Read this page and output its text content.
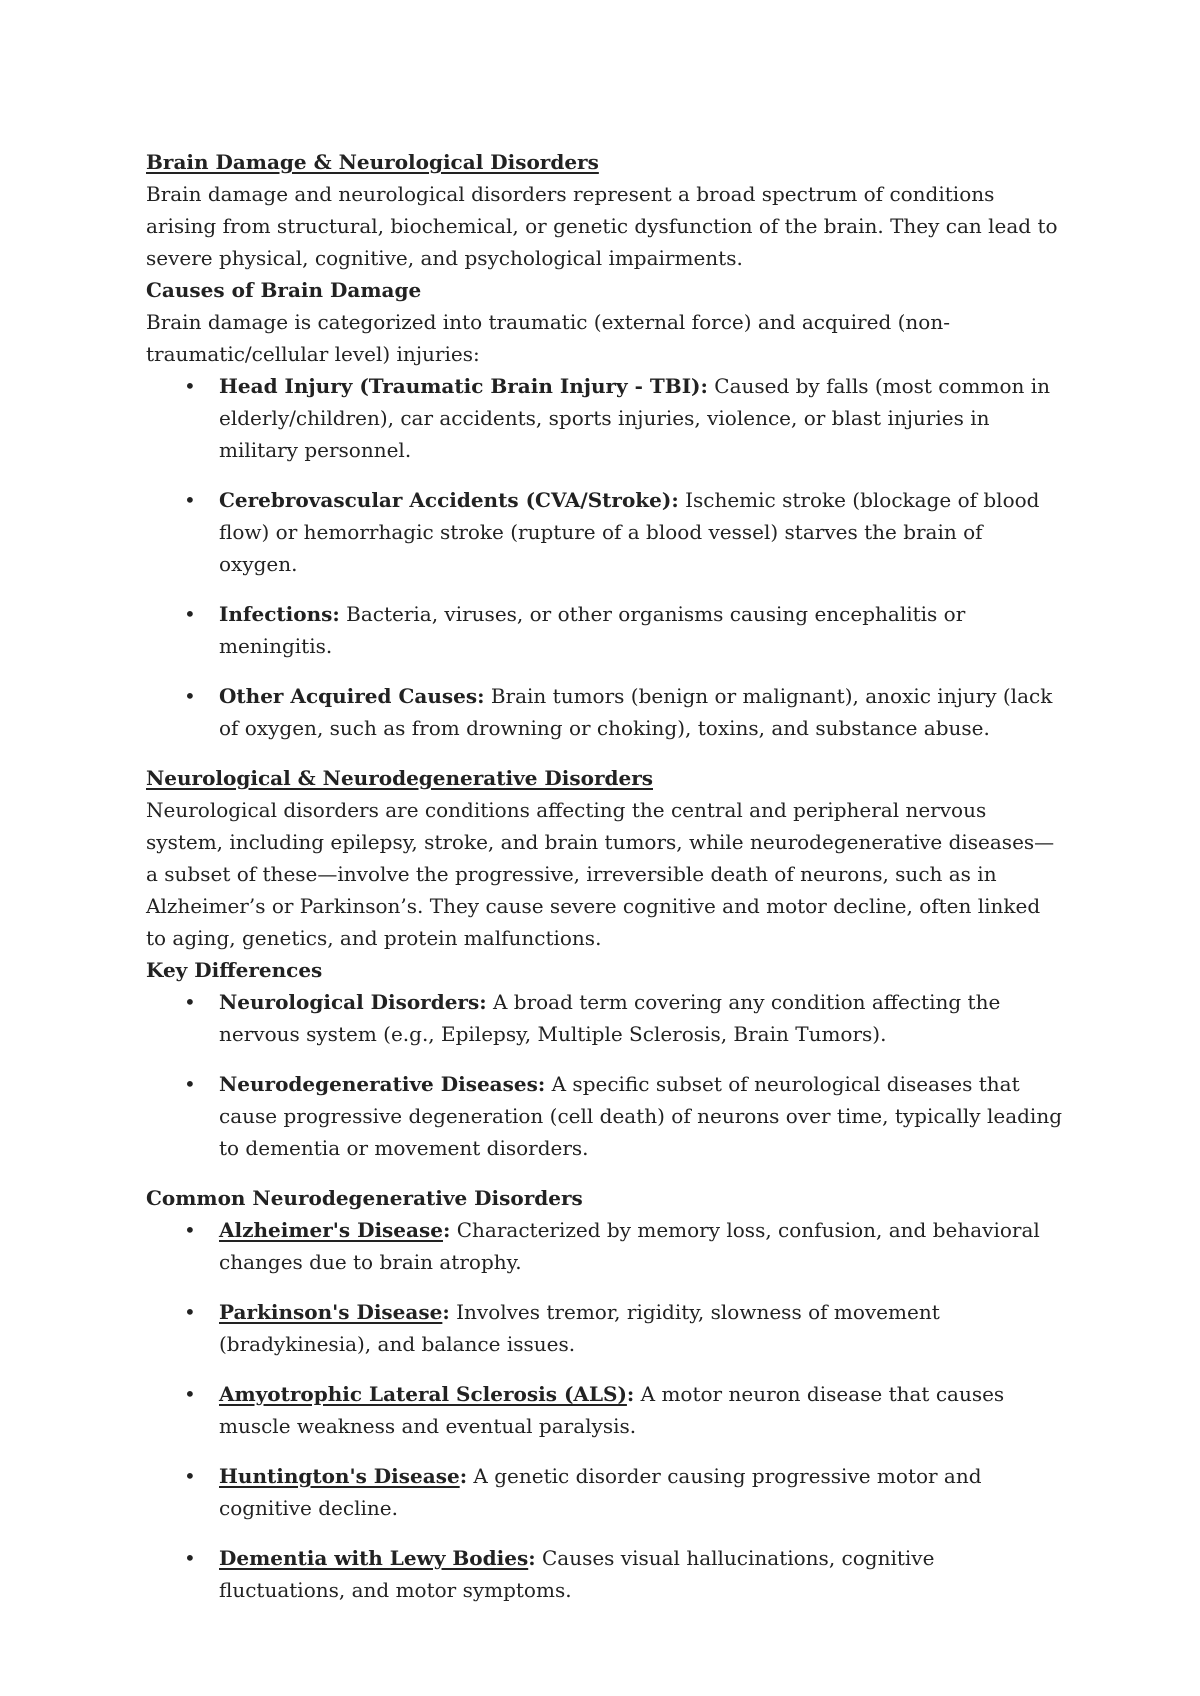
Brain Damage & Neurological Disorders

Brain damage and neurological disorders represent a broad spectrum of conditions arising from structural, biochemical, or genetic dysfunction of the brain. They can lead to severe physical, cognitive, and psychological impairments.

Causes of Brain Damage

Brain damage is categorized into traumatic (external force) and acquired (non-traumatic/cellular level) injuries:

• Head Injury (Traumatic Brain Injury - TBI): Caused by falls (most common in elderly/children), car accidents, sports injuries, violence, or blast injuries in military personnel.
• Cerebrovascular Accidents (CVA/Stroke): Ischemic stroke (blockage of blood flow) or hemorrhagic stroke (rupture of a blood vessel) starves the brain of oxygen.
• Infections: Bacteria, viruses, or other organisms causing encephalitis or meningitis.
• Other Acquired Causes: Brain tumors (benign or malignant), anoxic injury (lack of oxygen, such as from drowning or choking), toxins, and substance abuse.

Neurological & Neurodegenerative Disorders

Neurological disorders are conditions affecting the central and peripheral nervous system, including epilepsy, stroke, and brain tumors, while neurodegenerative diseases—a subset of these—involve the progressive, irreversible death of neurons, such as in Alzheimer’s or Parkinson’s. They cause severe cognitive and motor decline, often linked to aging, genetics, and protein malfunctions.

Key Differences

• Neurological Disorders: A broad term covering any condition affecting the nervous system (e.g., Epilepsy, Multiple Sclerosis, Brain Tumors).
• Neurodegenerative Diseases: A specific subset of neurological diseases that cause progressive degeneration (cell death) of neurons over time, typically leading to dementia or movement disorders.

Common Neurodegenerative Disorders

• Alzheimer's Disease: Characterized by memory loss, confusion, and behavioral changes due to brain atrophy.
• Parkinson's Disease: Involves tremor, rigidity, slowness of movement (bradykinesia), and balance issues.
• Amyotrophic Lateral Sclerosis (ALS): A motor neuron disease that causes muscle weakness and eventual paralysis.
• Huntington's Disease: A genetic disorder causing progressive motor and cognitive decline.
• Dementia with Lewy Bodies: Causes visual hallucinations, cognitive fluctuations, and motor symptoms.
